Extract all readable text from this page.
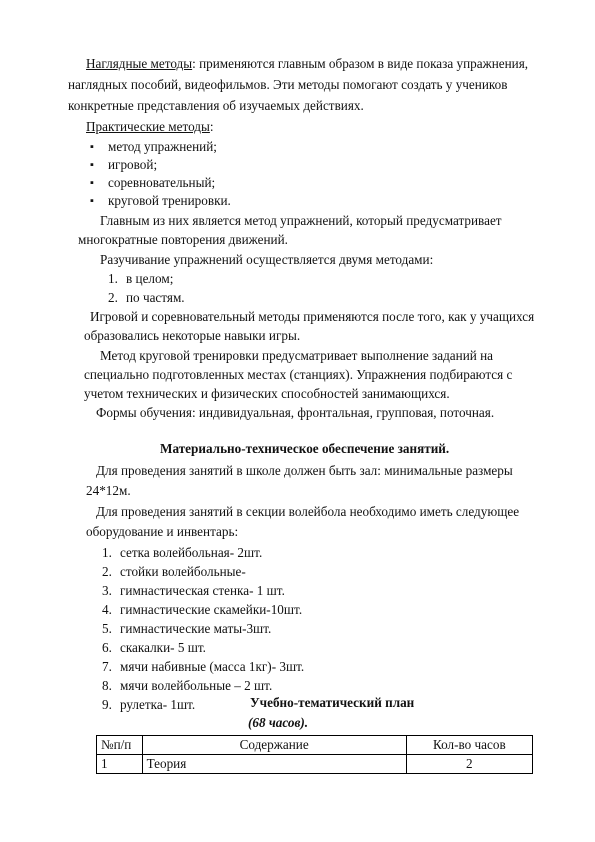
Наглядные методы: применяются главным образом в виде показа упражнения,
наглядных пособий, видеофильмов. Эти методы помогают создать у учеников
конкретные представления об изучаемых действиях.
Практические методы:
▪ метод упражнений;
▪ игровой;
▪ соревновательный;
▪ круговой тренировки.
Главным из них является метод упражнений, который предусматривает
многократные повторения движений.
Разучивание упражнений осуществляется двумя методами:
1. в целом;
2. по частям.
Игровой и соревновательный методы применяются после того, как у учащихся
образовались некоторые навыки игры.
Метод круговой тренировки предусматривает выполнение заданий на
специально подготовленных местах (станциях). Упражнения подбираются с
учетом технических и физических способностей занимающихся.
Формы обучения: индивидуальная, фронтальная, групповая, поточная.
Материально-техническое обеспечение занятий.
Для проведения занятий в школе должен быть зал: минимальные размеры
24*12м.
Для проведения занятий в секции волейбола необходимо иметь следующее
оборудование и инвентарь:
1. сетка волейбольная- 2шт.
2. стойки волейбольные-
3. гимнастическая стенка- 1 шт.
4. гимнастические скамейки-10шт.
5. гимнастические маты-3шт.
6. скакалки- 5 шт.
7. мячи набивные (масса 1кг)- 3шт.
8. мячи волейбольные – 2 шт.
9. рулетка- 1шт.	Учебно-тематический план
(68 часов).
№п/п	Содержание	Кол-во часов
1	Теория	2
